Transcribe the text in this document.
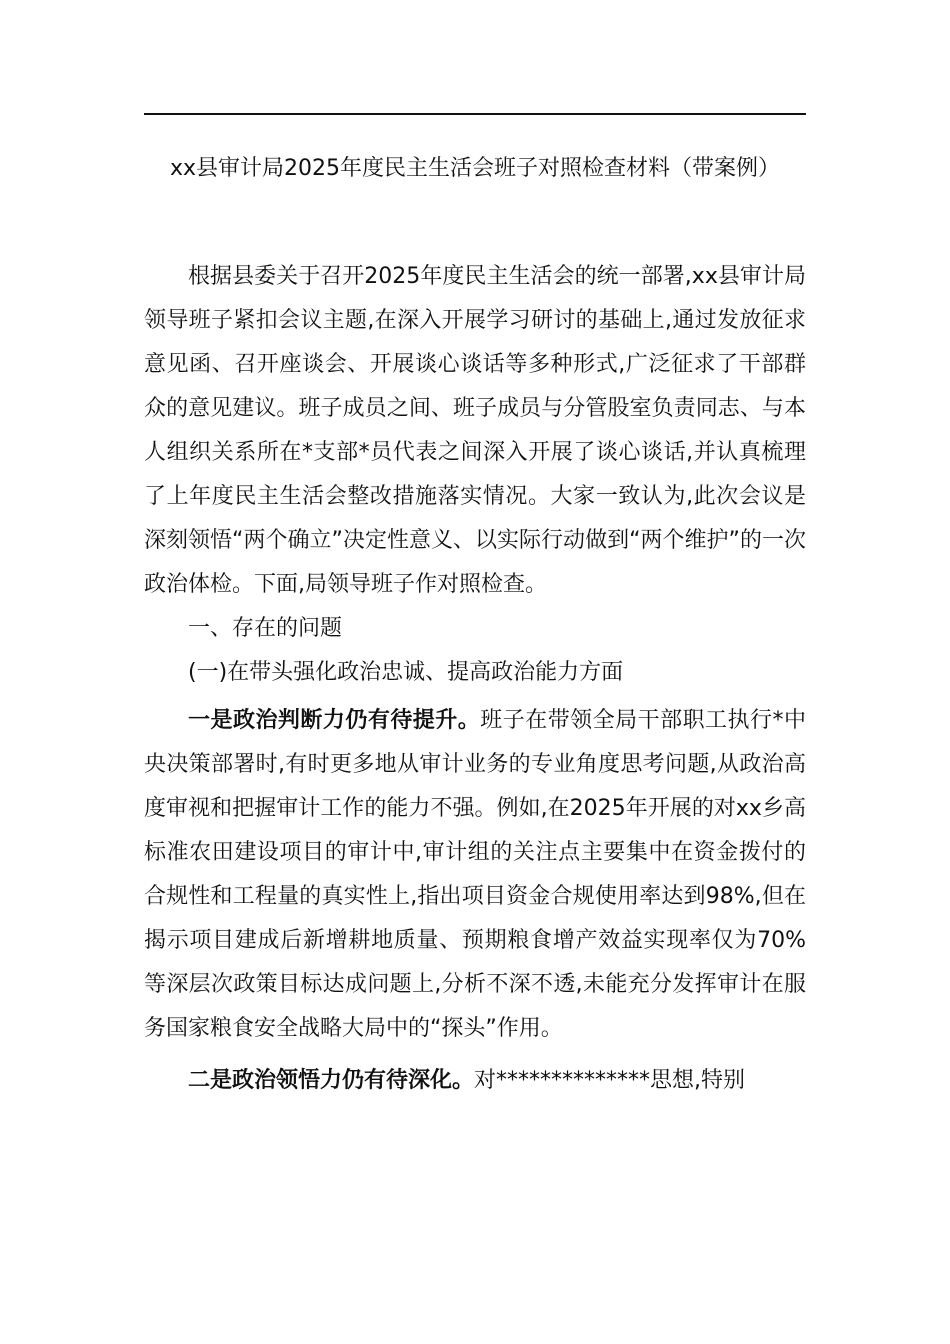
xx县审计局2025年度民主生活会班子对照检查材料（带案例）

根据县委关于召开2025年度民主生活会的统一部署,xx县审计局领导班子紧扣会议主题,在深入开展学习研讨的基础上,通过发放征求意见函、召开座谈会、开展谈心谈话等多种形式,广泛征求了干部群众的意见建议。班子成员之间、班子成员与分管股室负责同志、与本人组织关系所在*支部*员代表之间深入开展了谈心谈话,并认真梳理了上年度民主生活会整改措施落实情况。大家一致认为,此次会议是深刻领悟“两个确立”决定性意义、以实际行动做到“两个维护”的一次政治体检。下面,局领导班子作对照检查。

一、存在的问题

(一)在带头强化政治忠诚、提高政治能力方面

一是政治判断力仍有待提升。班子在带领全局干部职工执行*中央决策部署时,有时更多地从审计业务的专业角度思考问题,从政治高度审视和把握审计工作的能力不强。例如,在2025年开展的对xx乡高标准农田建设项目的审计中,审计组的关注点主要集中在资金拨付的合规性和工程量的真实性上,指出项目资金合规使用率达到98%,但在揭示项目建成后新增耕地质量、预期粮食增产效益实现率仅为70%等深层次政策目标达成问题上,分析不深不透,未能充分发挥审计在服务国家粮食安全战略大局中的“探头”作用。

二是政治领悟力仍有待深化。对**************思想,特别
